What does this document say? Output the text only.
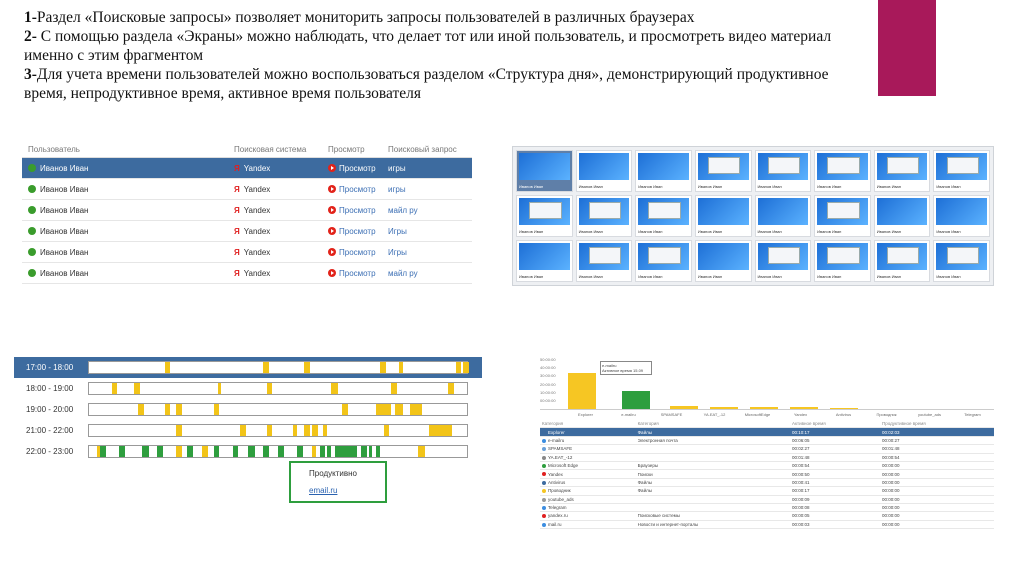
1-Раздел «Поисковые запросы» позволяет мониторить запросы пользователей в различных браузерах

2- С помощью раздела «Экраны» можно наблюдать, что делает тот или иной пользователь, и просмотреть видео материал именно с этим фрагментом

3-Для учета времени пользователей можно воспользоваться разделом «Структура дня», демонстрирующий продуктивное время, непродуктивное время, активное время пользователя

Пользователь	Поисковая система	Просмотр	Поисковый запрос
Иванов Иван	Я Yandex	Просмотр игры
Иванов Иван	Я Yandex	Просмотр игры
Иванов Иван	Я Yandex	Просмотр майл ру
Иванов Иван	Я Yandex	Просмотр Игры
Иванов Иван	Я Yandex	Просмотр Игры
Иванов Иван	Я Yandex	Просмотр майл ру
Иванов Иван	Иванов Иван	Иванов Иван	Иванов Иван	Иванов Иван	Иванов Иван	Иванов Иван	Иванов Иван
Иванов Иван	Иванов Иван	Иванов Иван	Иванов Иван	Иванов Иван	Иванов Иван	Иванов Иван	Иванов Иван
Иванов Иван	Иванов Иван	Иванов Иван	Иванов Иван	Иванов Иван	Иванов Иван	Иванов Иван	Иванов Иван
17:00 - 18:00
18:00 - 19:00
19:00 - 20:00
21:00 - 22:00
22:00 - 23:00
Продуктивно
email.ru
50:00:00
40:00:00
30:00:00
20:00:00
10:00:00
00:00:00
e-mailru
Активное время 15.09
Explorer	e-mailru	SPAMSAFE	YA.EAT_-12	MicrosoftEdge	Yandex	Antivirus	Проводник	youtube_ads	Telegram
Категория	Категория	Активное время	Продуктивное время
Explorer	Файлы	00:10:17	00:02:03
e-mailru	Электронная почта	00:06:05	00:00:27
SPAMSAFE		00:02:27	00:01:48
YA.EAT_-12		00:01:48	00:00:54
Microsoft Edge	Браузеры	00:00:54	00:00:00
Yandex	Поиски	00:00:50	00:00:00
Antivirus	Файлы	00:00:41	00:00:00
Проводник	Файлы	00:00:17	00:00:00
youtube_ads		00:00:09	00:00:00
Telegram		00:00:08	00:00:00
yandex.ru	Поисковые системы	00:00:05	00:00:00
mail.ru	Новости и интернет-порталы	00:00:03	00:00:00
